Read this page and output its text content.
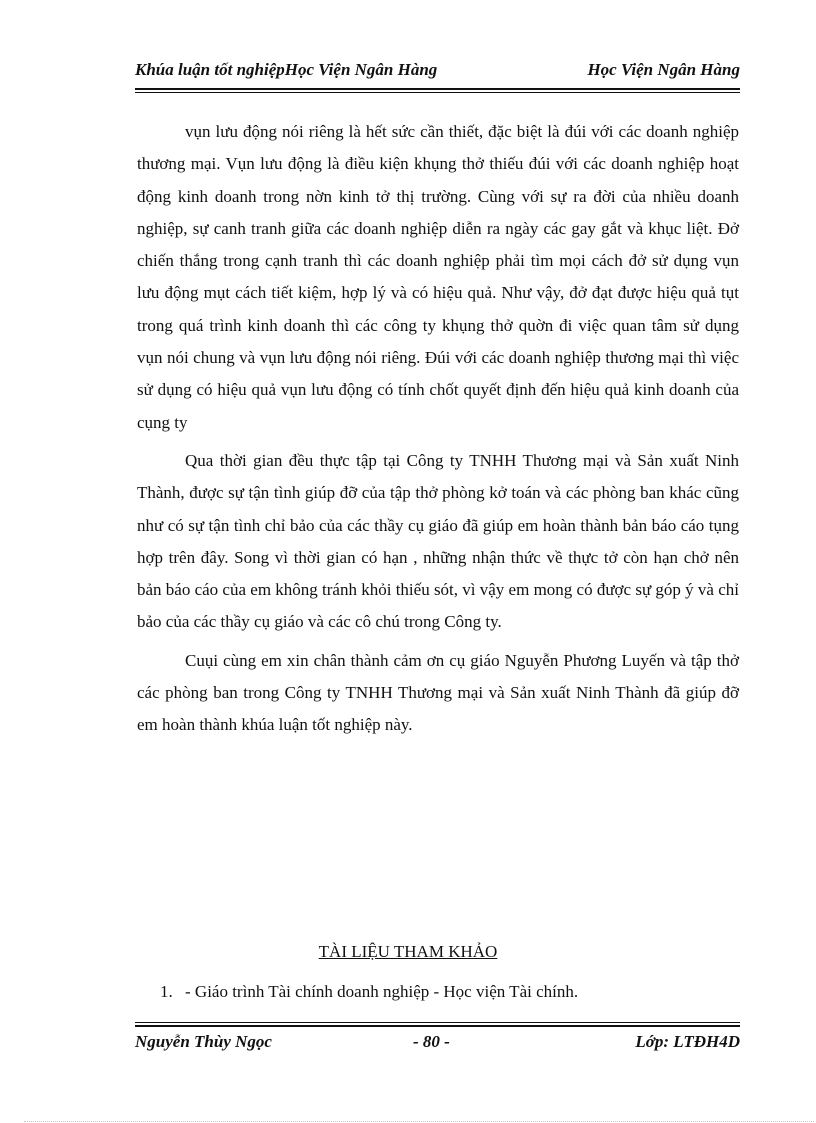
Khúa luận tốt nghiệpHọc Viện Ngân Hàng	Học Viện Ngân Hàng

vụn lưu động nói riêng là hết sức cần thiết, đặc biệt là đúi với các doanh nghiệp thương mại. Vụn lưu động là điều kiện khụng thở thiếu đúi với các doanh nghiệp hoạt động kinh doanh trong nờn kinh tở thị trường. Cùng với sự ra đời của nhiều doanh nghiệp, sự canh tranh giữa các doanh nghiệp diễn ra ngày các gay gắt và khục liệt. Đở chiến thắng trong cạnh tranh thì các doanh nghiệp phải tìm mọi cách đở sử dụng vụn lưu động mụt cách tiết kiệm, hợp lý và có hiệu quả. Như vậy, đở đạt được hiệu quả tụt trong quá trình kinh doanh thì các công ty khụng thở quờn đi việc quan tâm sử dụng vụn nói chung và vụn lưu động nói riêng. Đúi với các doanh nghiệp thương mại thì việc sử dụng có hiệu quả vụn lưu động có tính chốt quyết định đến hiệu quả kinh doanh của cụng ty

Qua thời gian đều thực tập tại Công ty TNHH Thương mại và Sản xuất Ninh Thành, được sự tận tình giúp đỡ của tập thở phòng kở toán và các phòng ban khác cũng như có sự tận tình chỉ bảo của các thầy cụ giáo đã giúp em hoàn thành bản báo cáo tụng hợp trên đây. Song vì thời gian có hạn , những nhận thức về thực tở còn hạn chở nên bản báo cáo của em không tránh khỏi thiếu sót, vì vậy em mong có được sự góp ý và chỉ bảo của các thầy cụ giáo và các cô chú trong Công ty.

Cuụi cùng em xin chân thành cảm ơn cụ giáo Nguyễn Phương Luyến và tập thở các phòng ban trong Công ty TNHH Thương mại và Sản xuất Ninh Thành đã giúp đỡ em hoàn thành khúa luận tốt nghiệp này.

TÀI LIỆU THAM KHẢO
1. - Giáo trình Tài chính doanh nghiệp - Học viện Tài chính.
Nguyễn Thùy Ngọc	- 80 -	Lớp: LTĐH4D
